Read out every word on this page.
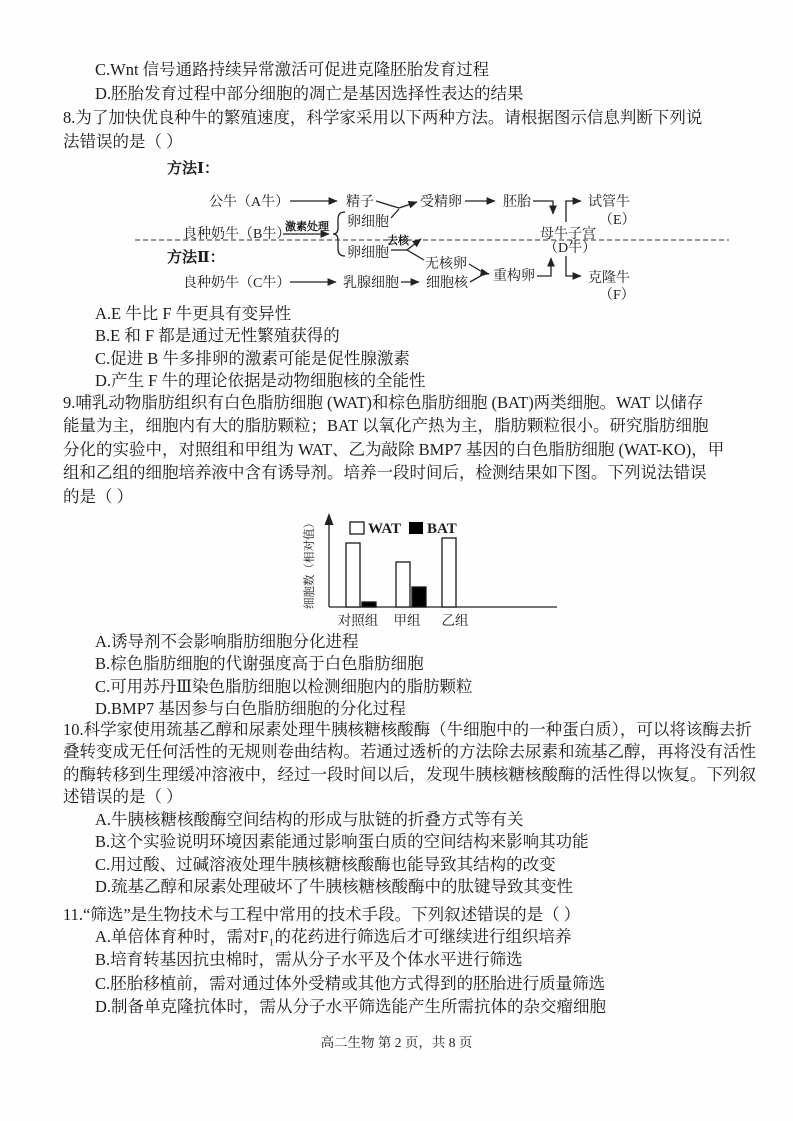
C.Wnt 信号通路持续异常激活可促进克隆胚胎发育过程
D.胚胎发育过程中部分细胞的凋亡是基因选择性表达的结果
8.为了加快优良种牛的繁殖速度，科学家采用以下两种方法。请根据图示信息判断下列说
法错误的是（ ）
方法Ⅰ：
公牛（A牛）	精子	受精卵	胚胎	试管牛
（E）
良种奶牛（B牛）
激素处理 卵细胞
母牛子宫
（D牛）
卵细胞
去核
方法Ⅱ：	无核卵
良种奶牛（C牛）	乳腺细胞 细胞核 重构卵	克隆牛
（F）
A.E 牛比 F 牛更具有变异性
B.E 和 F 都是通过无性繁殖获得的
C.促进 B 牛多排卵的激素可能是促性腺激素
D.产生 F 牛的理论依据是动物细胞核的全能性
9.哺乳动物脂肪组织有白色脂肪细胞 (WAT)和棕色脂肪细胞 (BAT)两类细胞。WAT 以储存
能量为主，细胞内有大的脂肪颗粒；BAT 以氧化产热为主，脂肪颗粒很小。研究脂肪细胞
分化的实验中，对照组和甲组为 WAT、乙为敲除 BMP7 基因的白色脂肪细胞 (WAT-KO)，甲
组和乙组的细胞培养液中含有诱导剂。培养一段时间后，检测结果如下图。下列说法错误
的是（ ）
细胞数（相对值）	WAT BAT
对照组 甲组 乙组
A.诱导剂不会影响脂肪细胞分化进程
B.棕色脂肪细胞的代谢强度高于白色脂肪细胞
C.可用苏丹Ⅲ染色脂肪细胞以检测细胞内的脂肪颗粒
D.BMP7 基因参与白色脂肪细胞的分化过程
10.科学家使用巯基乙醇和尿素处理牛胰核糖核酸酶（牛细胞中的一种蛋白质），可以将该酶去折
叠转变成无任何活性的无规则卷曲结构。若通过透析的方法除去尿素和巯基乙醇，再将没有活性
的酶转移到生理缓冲溶液中，经过一段时间以后，发现牛胰核糖核酸酶的活性得以恢复。下列叙
述错误的是（ ）
A.牛胰核糖核酸酶空间结构的形成与肽链的折叠方式等有关
B.这个实验说明环境因素能通过影响蛋白质的空间结构来影响其功能
C.用过酸、过碱溶液处理牛胰核糖核酸酶也能导致其结构的改变
D.巯基乙醇和尿素处理破坏了牛胰核糖核酸酶中的肽键导致其变性
11.“筛选”是生物技术与工程中常用的技术手段。下列叙述错误的是（ ）
A.单倍体育种时，需对F₁的花药进行筛选后才可继续进行组织培养
B.培育转基因抗虫棉时，需从分子水平及个体水平进行筛选
C.胚胎移植前，需对通过体外受精或其他方式得到的胚胎进行质量筛选
D.制备单克隆抗体时，需从分子水平筛选能产生所需抗体的杂交瘤细胞
高二生物 第 2 页，共 8 页
